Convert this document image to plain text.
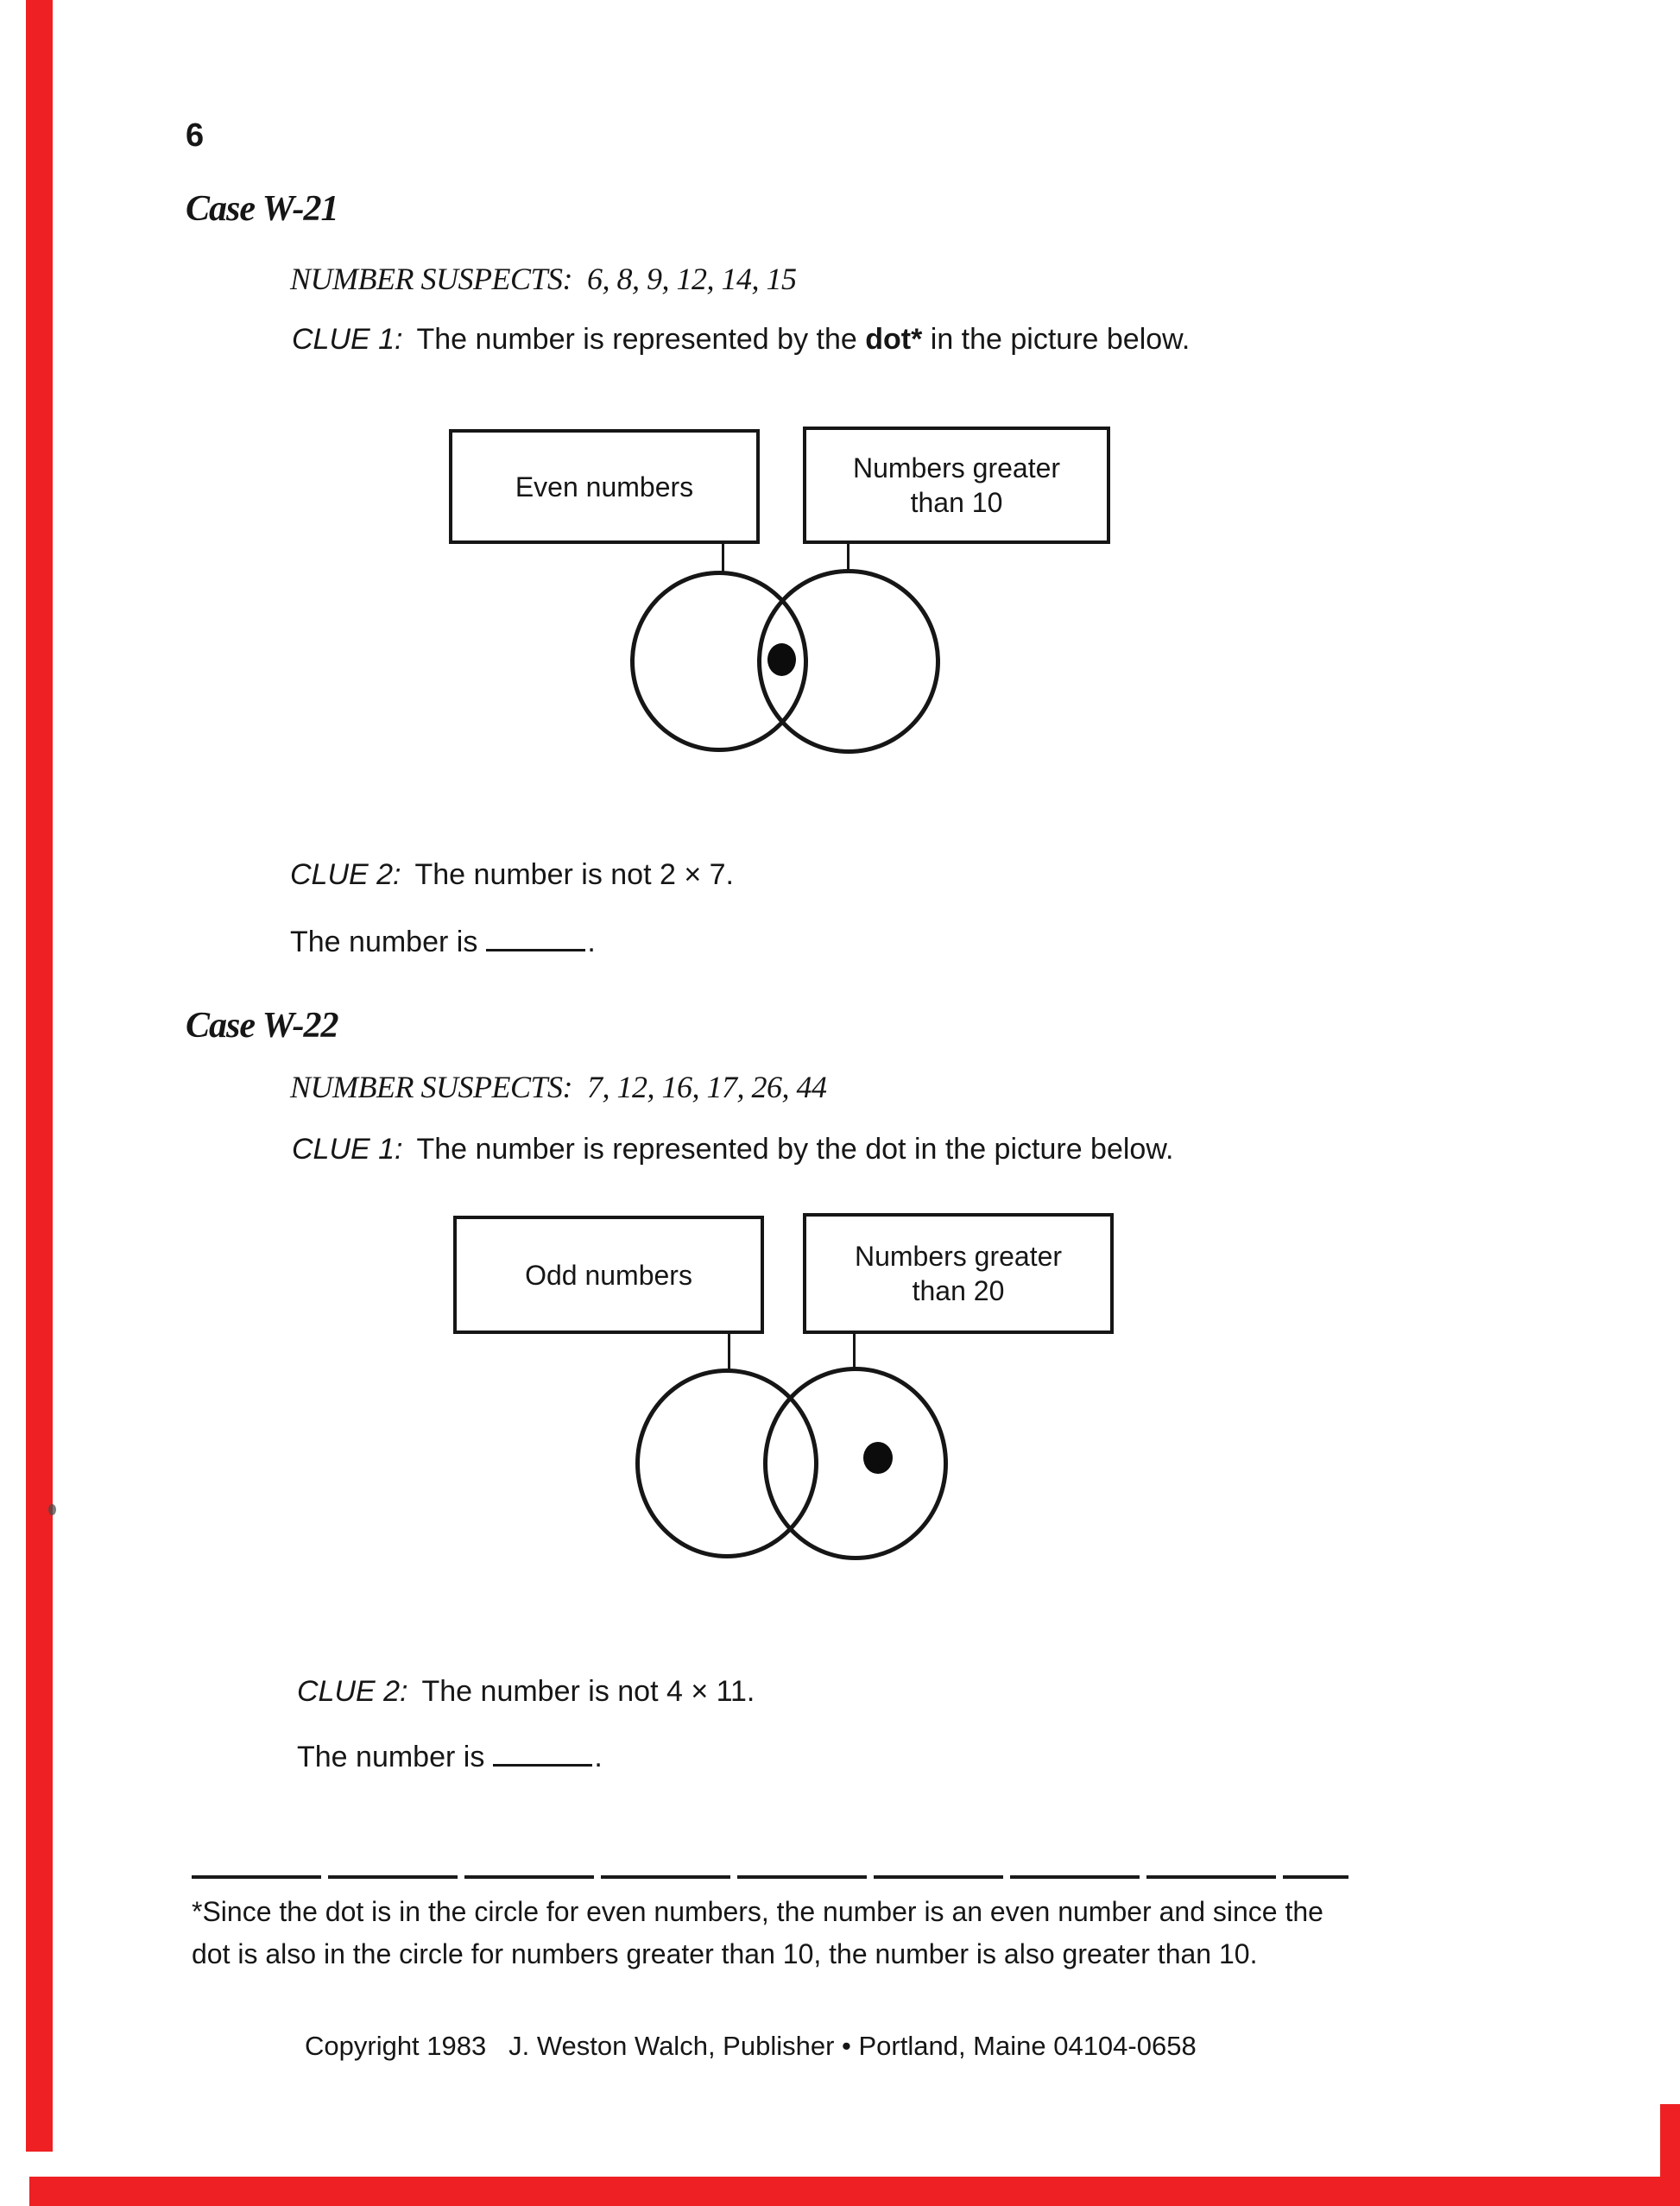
6
Case W-21
NUMBER SUSPECTS: 6, 8, 9, 12, 14, 15
CLUE 1: The number is represented by the dot* in the picture below.
Even numbers
Numbers greater
than 10
CLUE 2: The number is not 2 × 7.
The number is	.
Case W-22
NUMBER SUSPECTS: 7, 12, 16, 17, 26, 44
CLUE 1: The number is represented by the dot in the picture below.
Odd numbers
Numbers greater
than 20
CLUE 2: The number is not 4 × 11.
The number is	.
*Since the dot is in the circle for even numbers, the number is an even number and since the dot is also in the circle for numbers greater than 10, the number is also greater than 10.
Copyright 1983   J. Weston Walch, Publisher • Portland, Maine 04104-0658
